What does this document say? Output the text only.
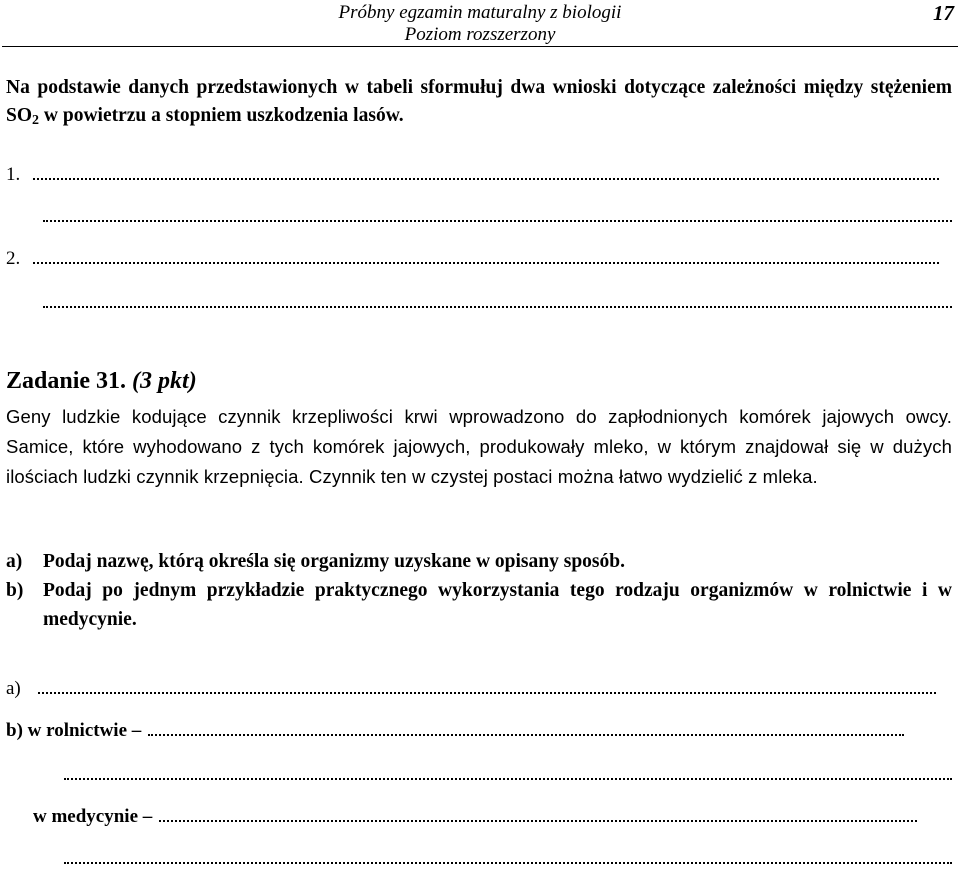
Próbny egzamin maturalny z biologii
Poziom rozszerzony
17
Na podstawie danych przedstawionych w tabeli sformułuj dwa wnioski dotyczące zależności między stężeniem SO2 w powietrzu a stopniem uszkodzenia lasów.
1.
2.
Zadanie 31. (3 pkt)
Geny ludzkie kodujące czynnik krzepliwości krwi wprowadzono do zapłodnionych komórek jajowych owcy. Samice, które wyhodowano z tych komórek jajowych, produkowały mleko, w którym znajdował się w dużych ilościach ludzki czynnik krzepnięcia. Czynnik ten w czystej postaci można łatwo wydzielić z mleka.
a)	Podaj nazwę, którą określa się organizmy uzyskane w opisany sposób.
b)	Podaj po jednym przykładzie praktycznego wykorzystania tego rodzaju organizmów w rolnictwie i w medycynie.
a)
b) w rolnictwie –
w medycynie –
